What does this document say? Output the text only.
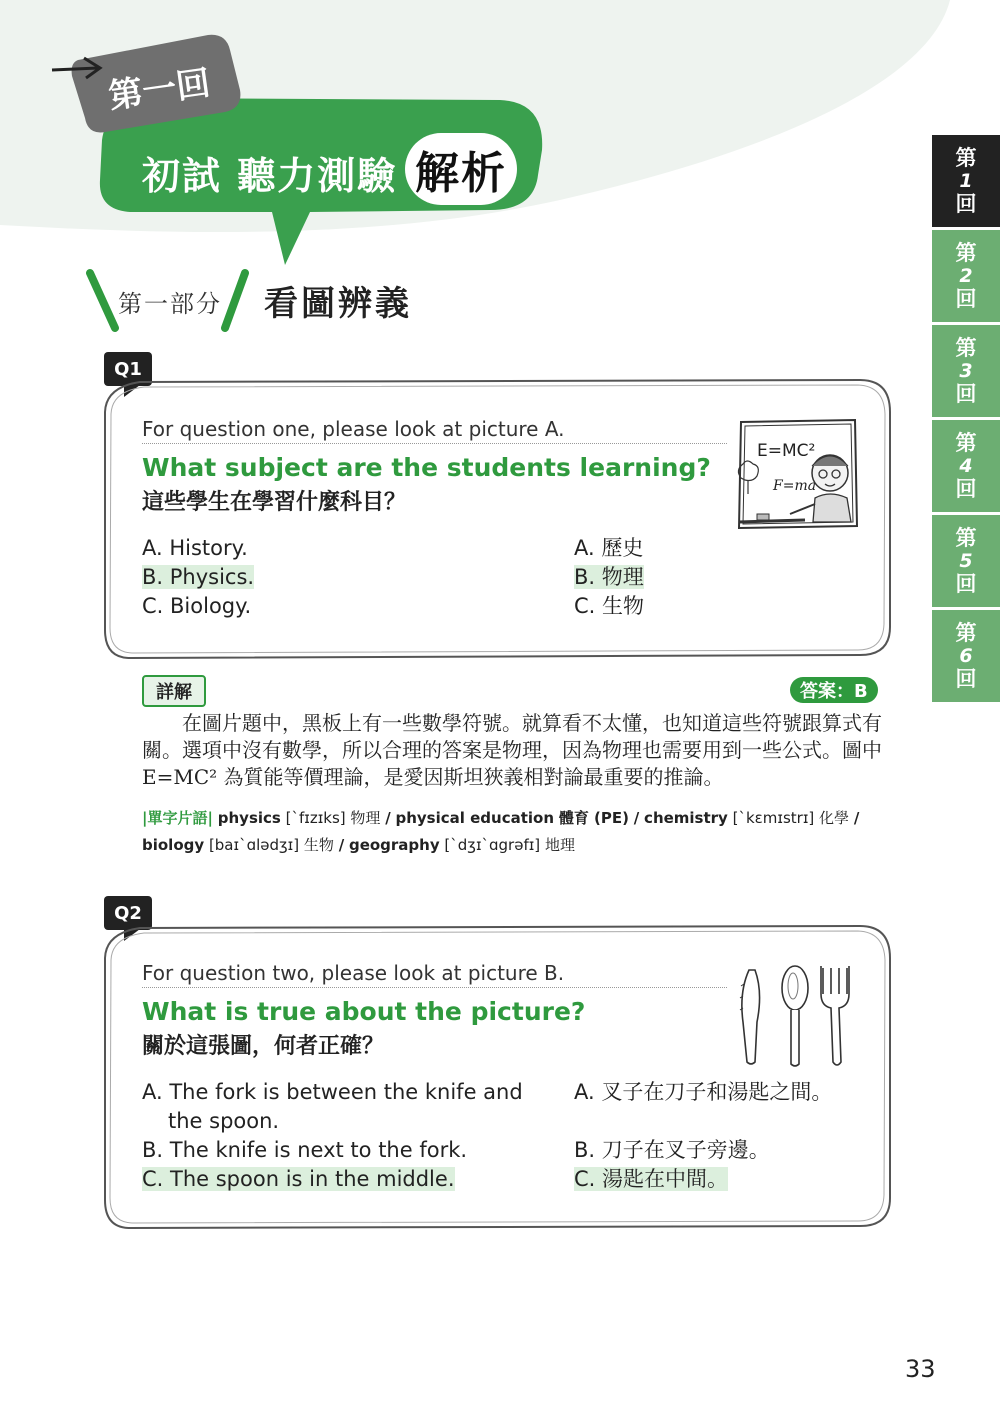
第一回
初試 聽力測驗 解析
第一部分 看圖辨義
第
1
回
第
2
回
第
3
回
第
4
回
第
5
回
第
6
回
Q1
For question one, please look at picture A.
What subject are the students learning?
這些學生在學習什麼科目？
A. History.
B. Physics.
C. Biology.
A. 歷史
B. 物理
C. 生物
E=MC²
F=ma
詳解	答案：B
在圖片題中，黑板上有一些數學符號。就算看不太懂，也知道這些符號跟算式有關。選項中沒有數學，所以合理的答案是物理，因為物理也需要用到一些公式。圖中 E=MC² 為質能等價理論，是愛因斯坦狹義相對論最重要的推論。
|單字片語| physics [ˋfɪzɪks] 物理 / physical education 體育 (PE) / chemistry [ˋkɛmɪstrɪ] 化學 / biology [baɪˋɑlədʒɪ] 生物 / geography [ˋdʒɪˋɑgrəfɪ] 地理
Q2
For question two, please look at picture B.
What is true about the picture?
關於這張圖，何者正確？
A. The fork is between the knife and
the spoon.
B. The knife is next to the fork.
C. The spoon is in the middle.
A. 叉子在刀子和湯匙之間。
B. 刀子在叉子旁邊。
C. 湯匙在中間。
33
